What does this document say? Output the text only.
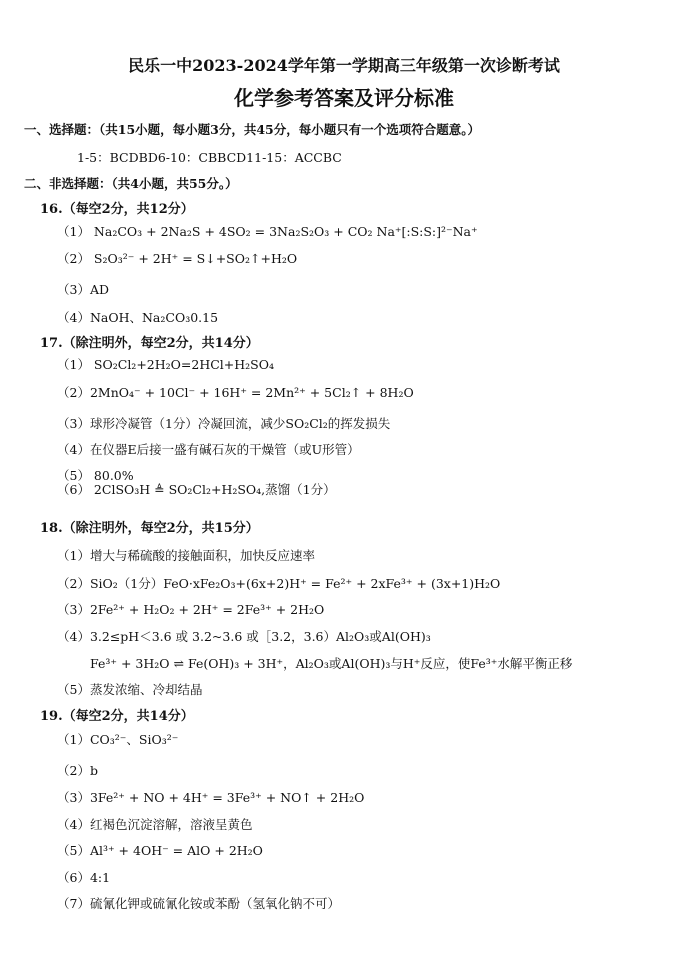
民乐一中2023-2024学年第一学期高三年级第一次诊断考试
化学参考答案及评分标准
一、选择题：（共15小题，每小题3分，共45分，每小题只有一个选项符合题意。）
1-5：BCDBD6-10：CBBCD11-15：ACCBC
二、非选择题：（共4小题，共55分。）
16.（每空2分，共12分）
（1） Na₂CO₃ + 2Na₂S + 4SO₂ = 3Na₂S₂O₃ + CO₂ Na⁺[:S:S:]²⁻Na⁺
（2） S₂O₃²⁻ + 2H⁺ = S↓+SO₂↑+H₂O
（3）AD
（4）NaOH、Na₂CO₃0.15
17.（除注明外，每空2分，共14分）
（1） SO₂Cl₂+2H₂O=2HCl+H₂SO₄
（2）2MnO₄⁻ + 10Cl⁻ + 16H⁺ = 2Mn²⁺ + 5Cl₂↑ + 8H₂O
（3）球形冷凝管（1分）冷凝回流，减少SO₂Cl₂的挥发损失
（4）在仪器E后接一盛有碱石灰的干燥管（或U形管）
（5） 80.0%
（6） 2ClSO₃H ≜ SO₂Cl₂+H₂SO₄,蒸馏（1分）
18.（除注明外，每空2分，共15分）
（1）增大与稀硫酸的接触面积，加快反应速率
（2）SiO₂（1分）FeO·xFe₂O₃+(6x+2)H⁺ = Fe²⁺ + 2xFe³⁺ + (3x+1)H₂O
（3）2Fe²⁺ + H₂O₂ + 2H⁺ = 2Fe³⁺ + 2H₂O
（4）3.2≤pH＜3.6 或 3.2~3.6 或［3.2，3.6）Al₂O₃或Al(OH)₃
Fe³⁺ + 3H₂O ⇌ Fe(OH)₃ + 3H⁺，Al₂O₃或Al(OH)₃与H⁺反应，使Fe³⁺水解平衡正移
（5）蒸发浓缩、冷却结晶
19.（每空2分，共14分）
（1）CO₃²⁻、SiO₃²⁻
（2）b
（3）3Fe²⁺ + NO + 4H⁺ = 3Fe³⁺ + NO↑ + 2H₂O
（4）红褐色沉淀溶解，溶液呈黄色
（5）Al³⁺ + 4OH⁻ = AlO + 2H₂O
（6）4:1
（7）硫氰化钾或硫氰化铵或苯酚（氢氧化钠不可）
